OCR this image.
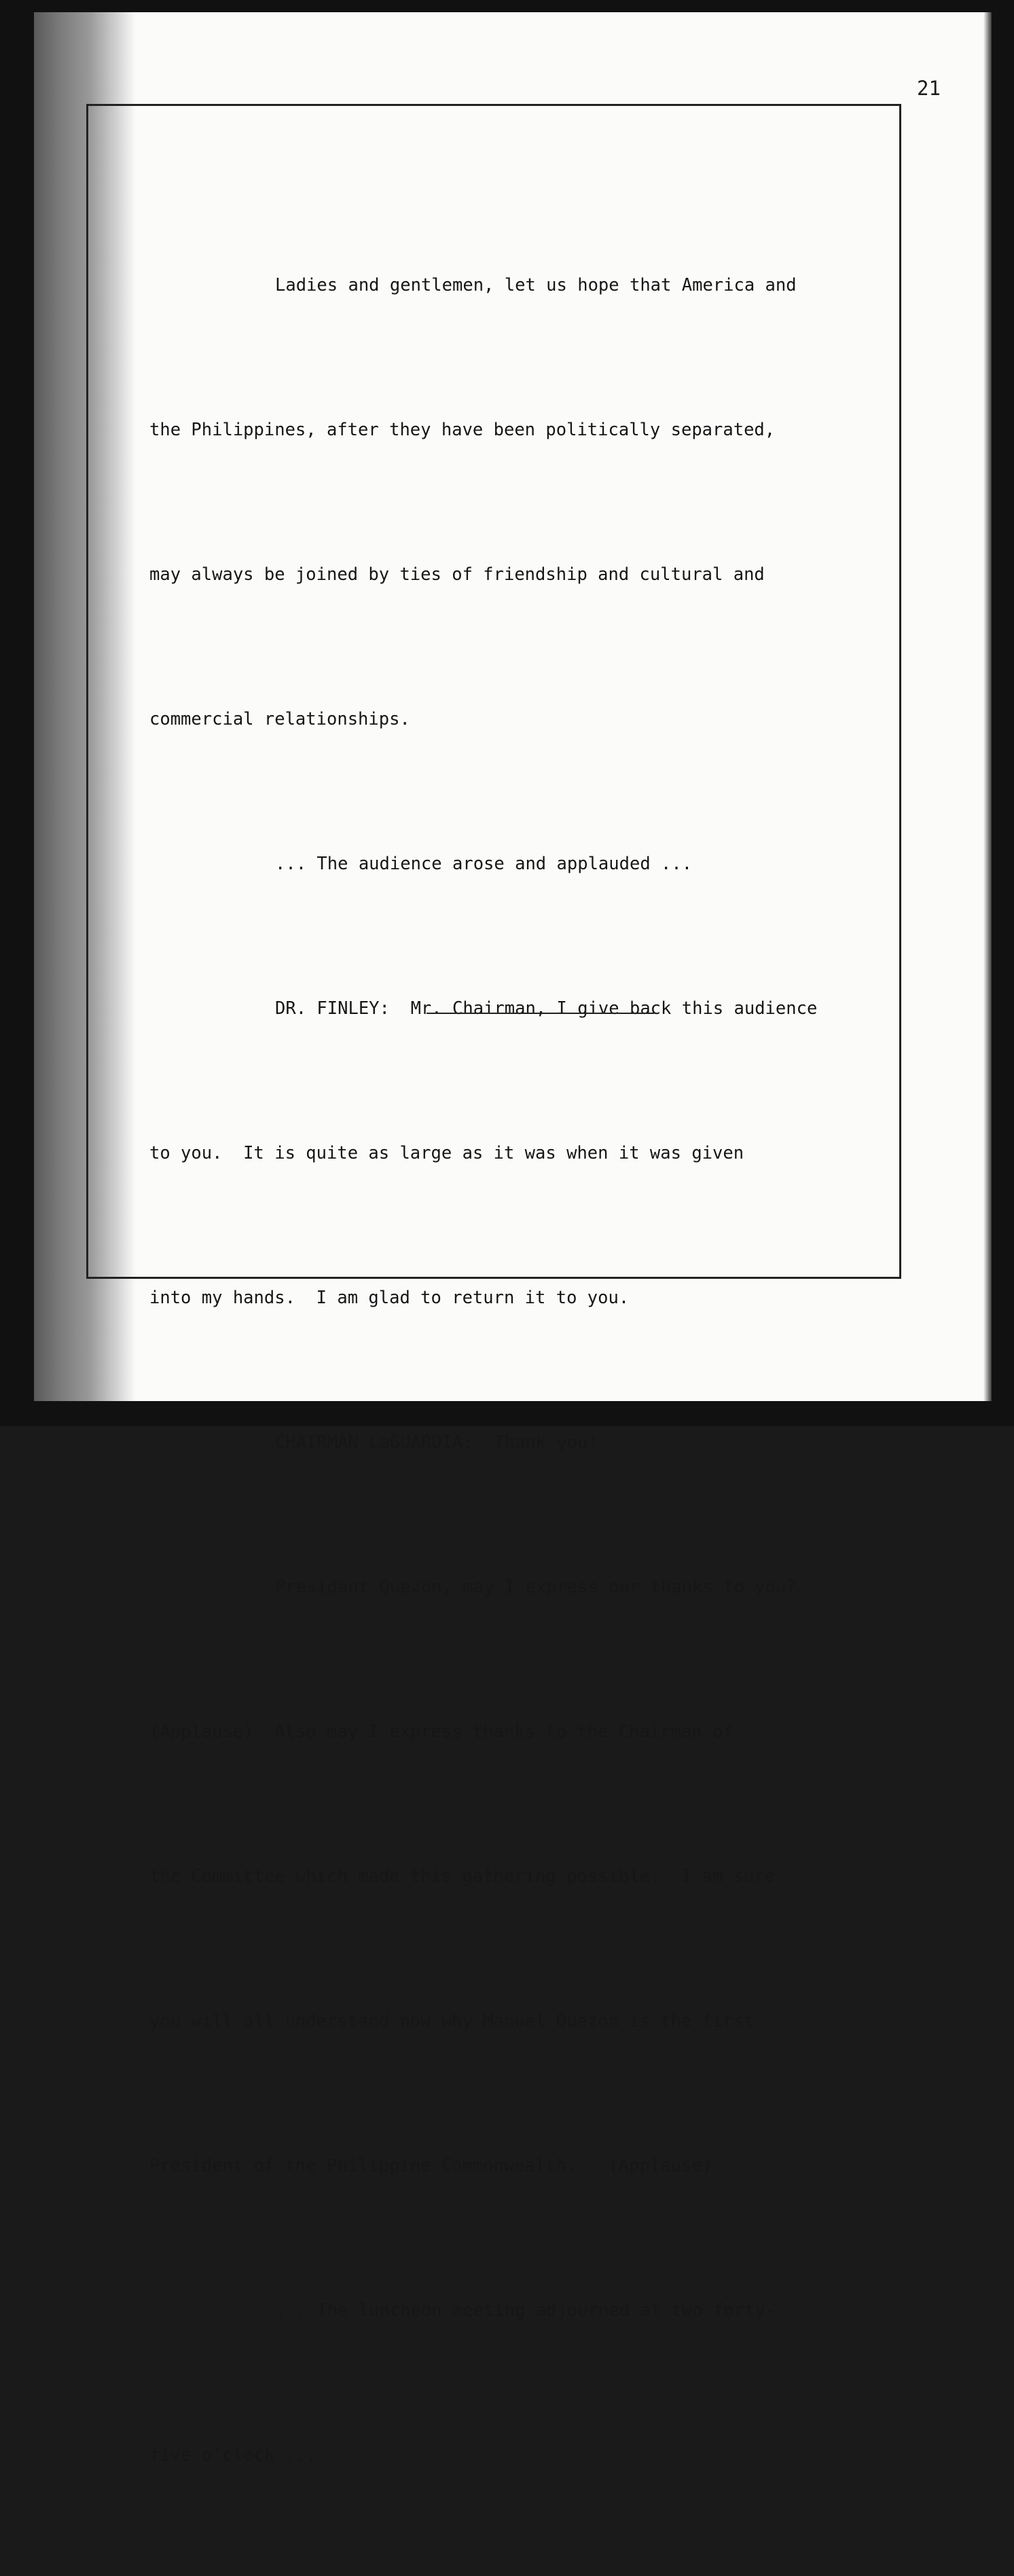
21

Ladies and gentlemen, let us hope that America and

the Philippines, after they have been politically separated,

may always be joined by ties of friendship and cultural and

commercial relationships.

... The audience arose and applauded ...

DR. FINLEY:  Mr. Chairman, I give back this audience

to you.  It is quite as large as it was when it was given

into my hands.  I am glad to return it to you.

CHAIRMAN LaGUARDIA:  Thank you!

President Quezon, may I express our thanks to you?

(Applause)  Also may I express thanks to the Chairman of

the Committee which made this gathering possible.  I am sure

you will all understand now why Manuel Quezon is the first

President of the Philippine Commonwealth.   (Applause)

... The luncheon meeting adjourned at two forty-

five o'clock ...
